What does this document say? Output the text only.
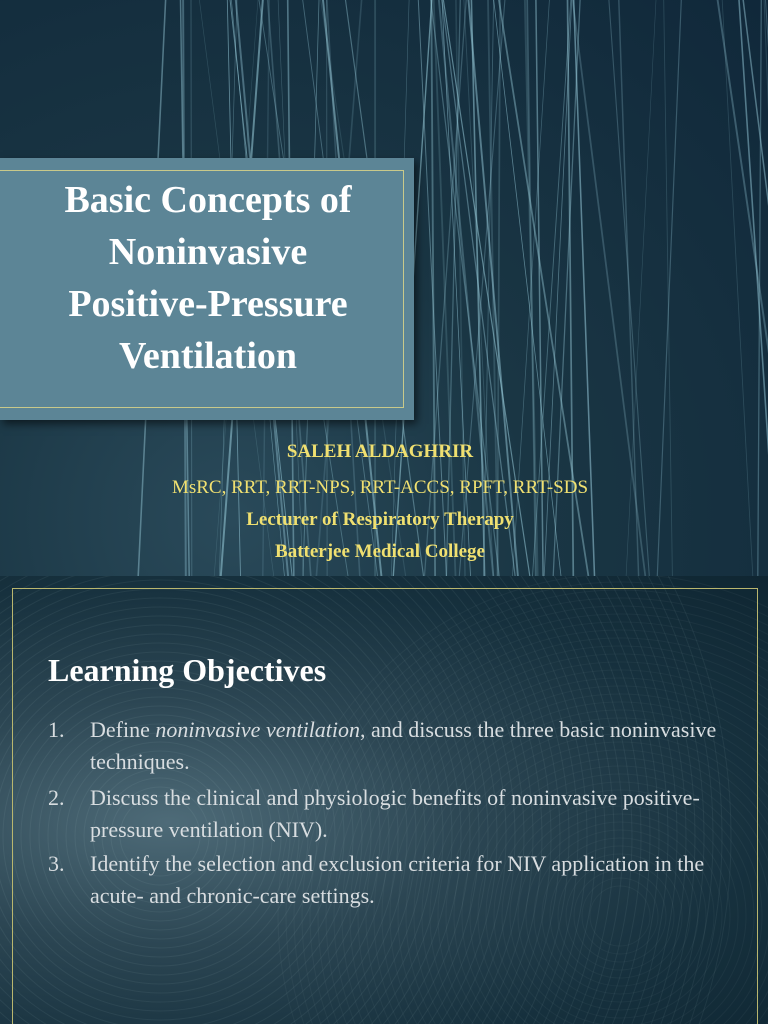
Basic Concepts of
Noninvasive
Positive-Pressure
Ventilation
SALEH ALDAGHRIR
MsRC, RRT, RRT-NPS, RRT-ACCS, RPFT, RRT-SDS
Lecturer of Respiratory Therapy
Batterjee Medical College
Learning Objectives
1. Define noninvasive ventilation, and discuss the three basic noninvasive techniques.
2. Discuss the clinical and physiologic benefits of noninvasive positive-pressure ventilation (NIV).
3. Identify the selection and exclusion criteria for NIV application in the acute- and chronic-care settings.
